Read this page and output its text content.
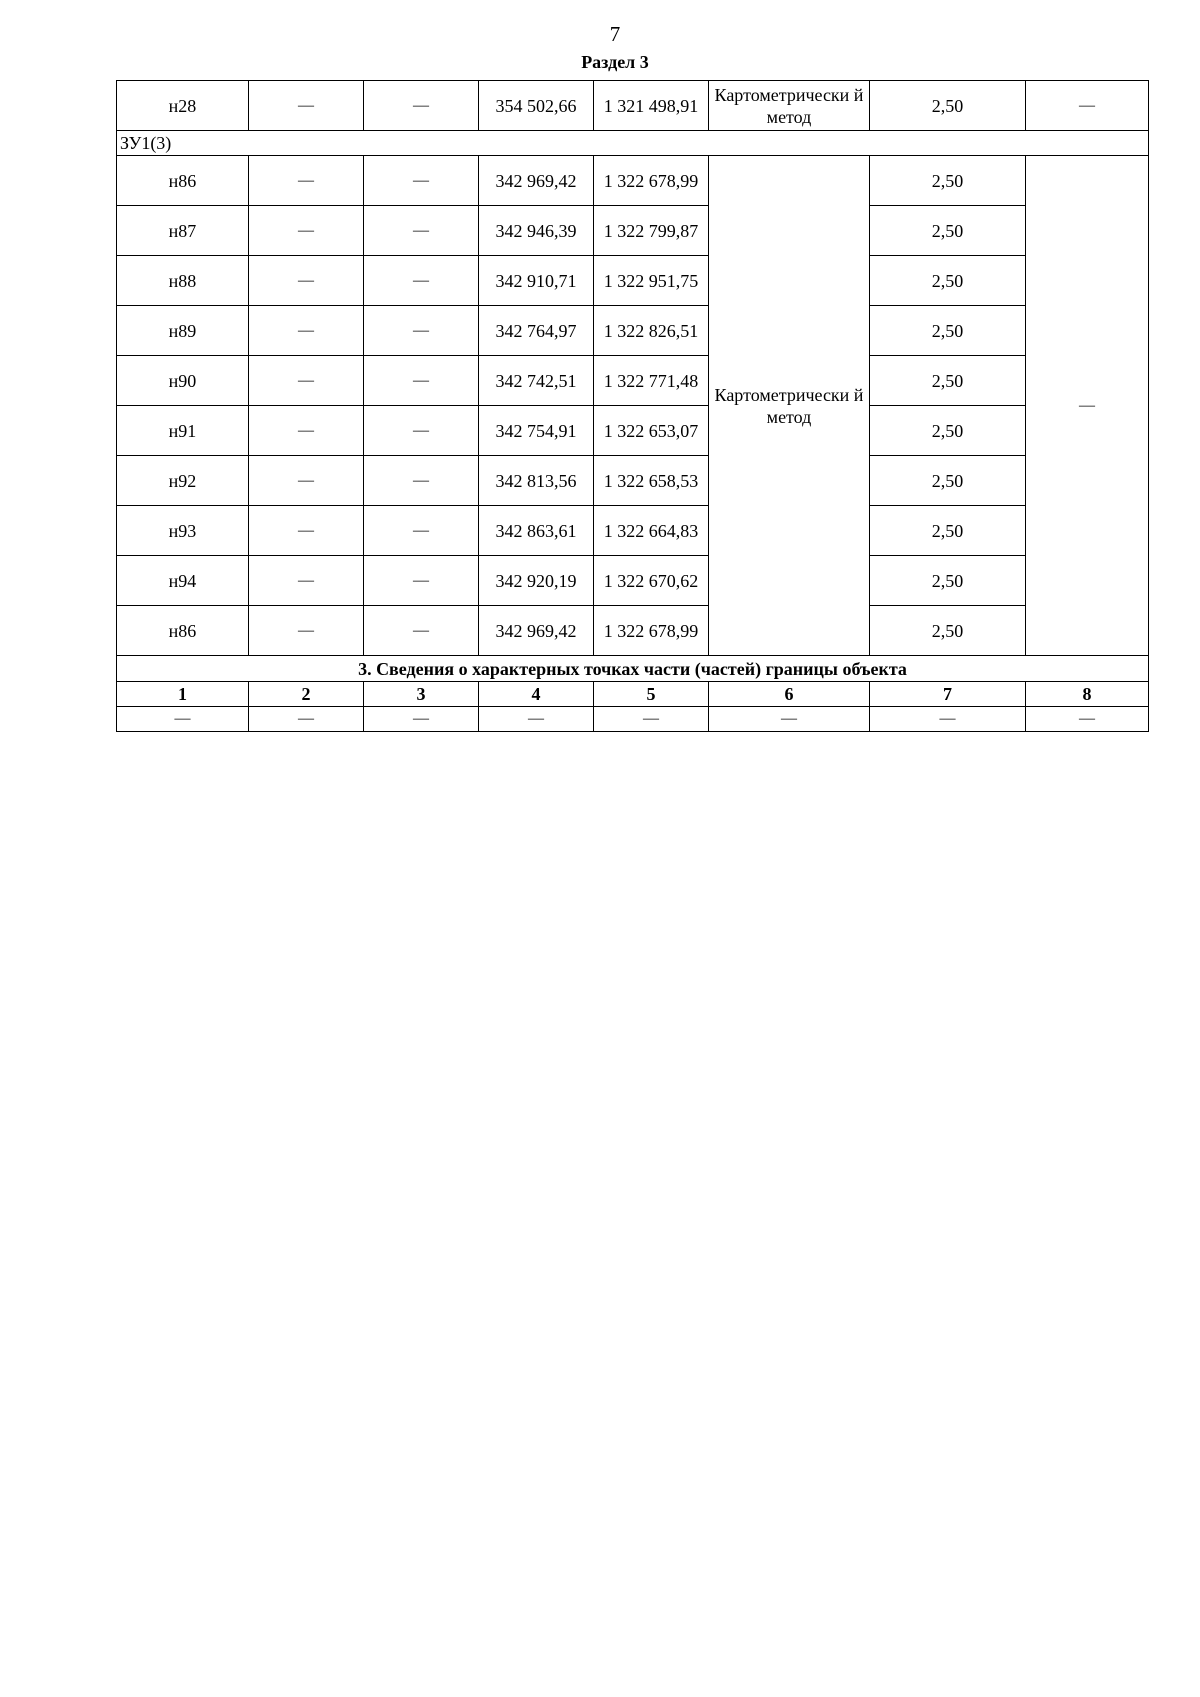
7
Раздел 3
н28	—	—	354 502,66	1 321 498,91	Картометрически й метод	2,50	—
ЗУ1(3)							
н86	—	—	342 969,42	1 322 678,99	Картометрически й метод	2,50	—
н87	—	—	342 946,39	1 322 799,87		2,50	
н88	—	—	342 910,71	1 322 951,75		2,50	
н89	—	—	342 764,97	1 322 826,51		2,50	
н90	—	—	342 742,51	1 322 771,48		2,50	
н91	—	—	342 754,91	1 322 653,07		2,50	
н92	—	—	342 813,56	1 322 658,53		2,50	
н93	—	—	342 863,61	1 322 664,83		2,50	
н94	—	—	342 920,19	1 322 670,62		2,50	
н86	—	—	342 969,42	1 322 678,99		2,50	
3. Сведения о характерных точках части (частей) границы объекта							
1	2	3	4	5	6	7	8
—	—	—	—	—	—	—	—
